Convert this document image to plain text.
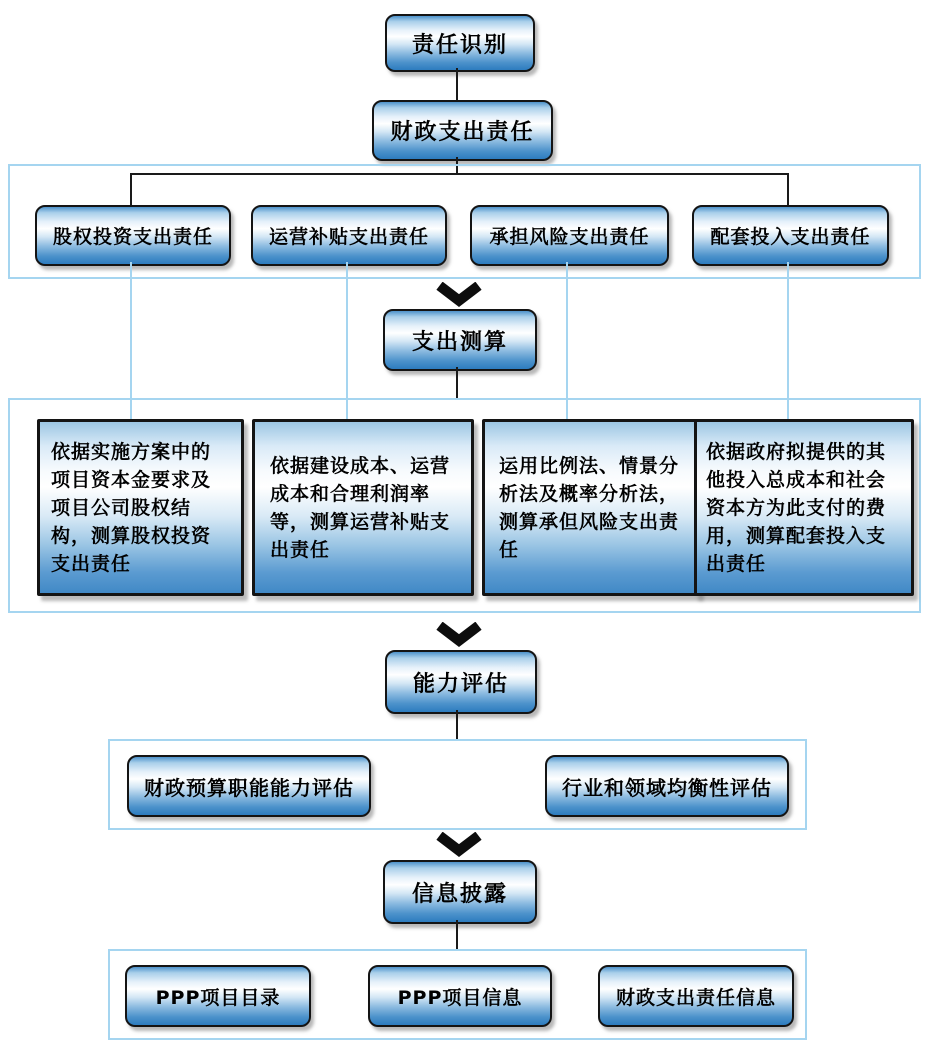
责任识别
财政支出责任
股权投资支出责任	运营补贴支出责任	承担风险支出责任	配套投入支出责任
支出测算
依据实施方案中的项目资本金要求及项目公司股权结构，测算股权投资支出责任
依据建设成本、运营成本和合理利润率等，测算运营补贴支出责任
运用比例法、情景分析法及概率分析法，测算承但风险支出责任
依据政府拟提供的其他投入总成本和社会资本方为此支付的费用，测算配套投入支出责任
能力评估
财政预算职能能力评估	行业和领域均衡性评估
信息披露
PPP项目目录	PPP项目信息	财政支出责任信息
